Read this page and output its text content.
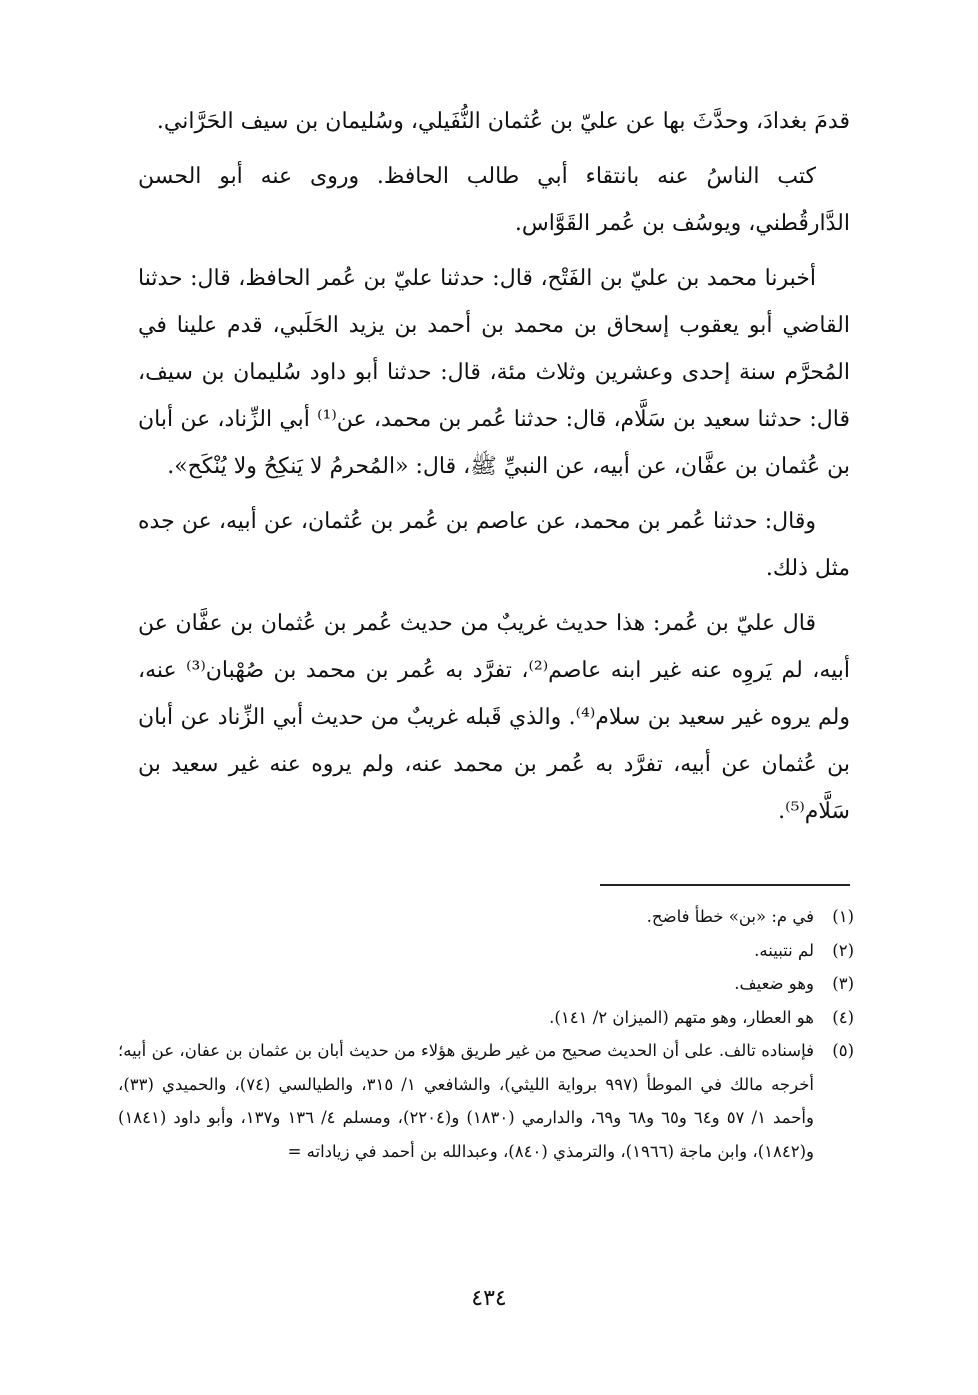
قدمَ بغدادَ، وحدَّثَ بها عن عليّ بن عُثمان النُّفَيلي، وسُليمان بن سيف الحَرَّاني.

كتب الناسُ عنه بانتقاء أبي طالب الحافظ. وروى عنه أبو الحسن الدَّارقُطني، ويوسُف بن عُمر القَوَّاس.

أخبرنا محمد بن عليّ بن الفَتْح، قال: حدثنا عليّ بن عُمر الحافظ، قال: حدثنا القاضي أبو يعقوب إسحاق بن محمد بن أحمد بن يزيد الحَلَبي، قدم علينا في المُحرَّم سنة إحدى وعشرين وثلاث مئة، قال: حدثنا أبو داود سُليمان بن سيف، قال: حدثنا سعيد بن سَلَّام، قال: حدثنا عُمر بن محمد، عن⁽¹⁾ أبي الزِّناد، عن أبان بن عُثمان بن عفَّان، عن أبيه، عن النبيِّ ﷺ، قال: «المُحرمُ لا يَنكِحُ ولا يُنْكَح».

وقال: حدثنا عُمر بن محمد، عن عاصم بن عُمر بن عُثمان، عن أبيه، عن جده مثل ذلك.

قال عليّ بن عُمر: هذا حديث غريبٌ من حديث عُمر بن عُثمان بن عفَّان عن أبيه، لم يَروِه عنه غير ابنه عاصم⁽²⁾، تفرَّد به عُمر بن محمد بن صُهْبان⁽³⁾ عنه، ولم يروه غير سعيد بن سلام⁽⁴⁾. والذي قَبله غريبٌ من حديث أبي الزِّناد عن أبان بن عُثمان عن أبيه، تفرَّد به عُمر بن محمد عنه، ولم يروه عنه غير سعيد بن سَلَّام⁽⁵⁾.

(١)
في م: «بن» خطأ فاضح.
(٢)
لم نتبينه.
(٣)
وهو ضعيف.
(٤)
هو العطار، وهو متهم (الميزان ٢/ ١٤١).
(٥)
فإسناده تالف. على أن الحديث صحيح من غير طريق هؤلاء من حديث أبان بن عثمان بن عفان، عن أبيه؛ أخرجه مالك في الموطأ (٩٩٧ برواية الليثي)، والشافعي ١/ ٣١٥، والطيالسي (٧٤)، والحميدي (٣٣)، وأحمد ١/ ٥٧ و٦٤ و٦٥ و٦٨ و٦٩، والدارمي (١٨٣٠) و(٢٢٠٤)، ومسلم ٤/ ١٣٦ و١٣٧، وأبو داود (١٨٤١) و(١٨٤٢)، وابن ماجة (١٩٦٦)، والترمذي (٨٤٠)، وعبدالله بن أحمد في زياداته =
٤٣٤
